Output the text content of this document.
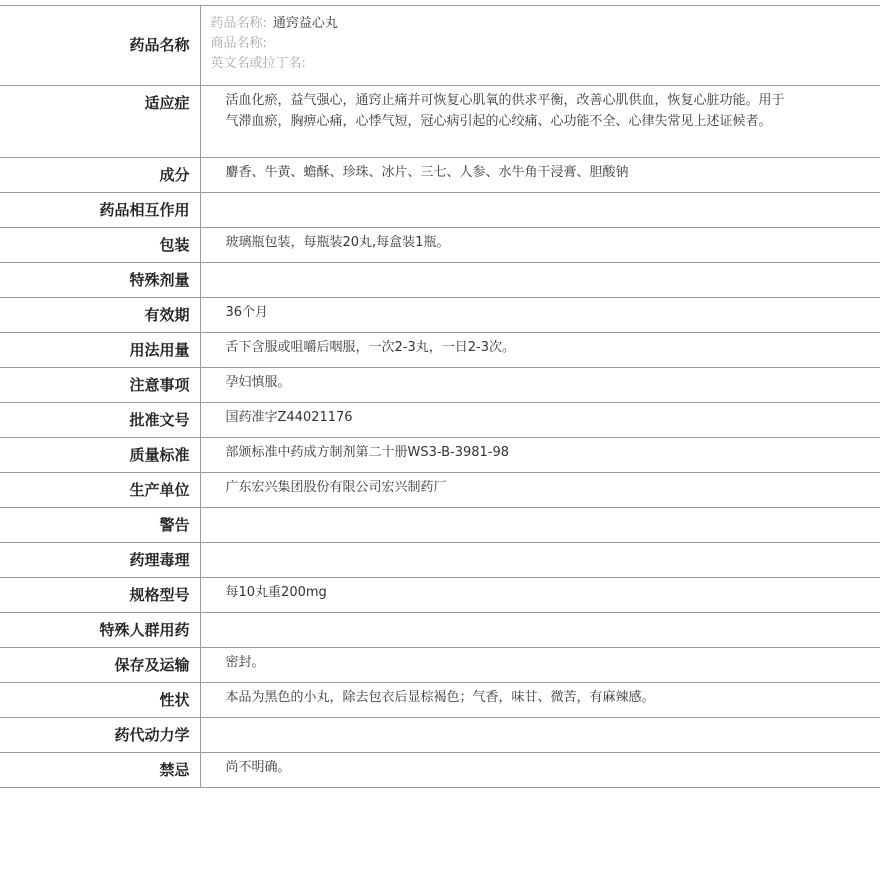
药品名称	药品名称: 通窍益心丸
商品名称:
英文名或拉丁名:

适应症	活血化瘀，益气强心，通窍止痛并可恢复心肌氧的供求平衡，改善心肌供血，恢复心脏功能。用于气滞血瘀，胸痹心痛，心悸气短，冠心病引起的心绞痛、心功能不全、心律失常见上述证候者。
成分	麝香、牛黄、蟾酥、珍珠、冰片、三七、人参、水牛角干浸膏、胆酸钠
药品相互作用	
包装	玻璃瓶包装，每瓶装20丸,每盒装1瓶。
特殊剂量	
有效期	36个月
用法用量	舌下含服或咀嚼后咽服，一次2-3丸，一日2-3次。
注意事项	孕妇慎服。
批准文号	国药准字Z44021176
质量标准	部颁标准中药成方制剂第二十册WS3-B-3981-98
生产单位	广东宏兴集团股份有限公司宏兴制药厂
警告	
药理毒理	
规格型号	每10丸重200mg
特殊人群用药	
保存及运输	密封。
性状	本品为黑色的小丸，除去包衣后显棕褐色；气香，味甘、微苦，有麻辣感。
药代动力学	
禁忌	尚不明确。
